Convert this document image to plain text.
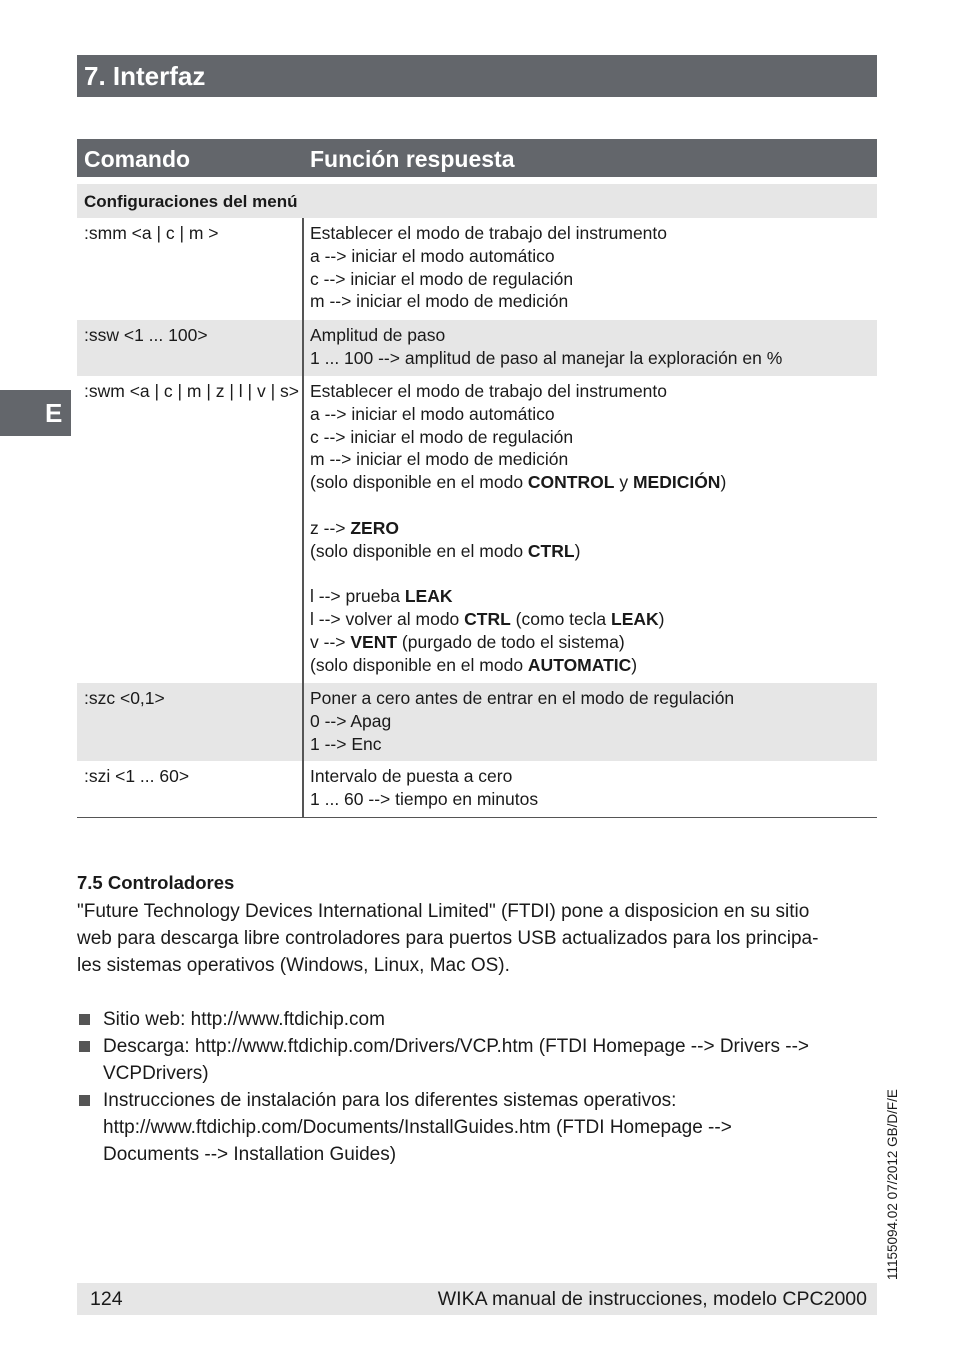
7. Interfaz
E
Comando	Función respuesta
Configuraciones del menú
:smm <a | c | m >	Establecer el modo de trabajo del instrumento
a --> iniciar el modo automático
c --> iniciar el modo de regulación
m --> iniciar el modo de medición
:ssw <1 ... 100>	Amplitud de paso
1 ... 100 --> amplitud de paso al manejar la exploración en %
:swm <a | c | m | z | l | v | s> Establecer el modo de trabajo del instrumento
a --> iniciar el modo automático
c --> iniciar el modo de regulación
m --> iniciar el modo de medición
(solo disponible en el modo CONTROL y MEDICIÓN)
z --> ZERO
(solo disponible en el modo CTRL)
l --> prueba LEAK
l --> volver al modo CTRL (como tecla LEAK)
v --> VENT (purgado de todo el sistema)
(solo disponible en el modo AUTOMATIC)
:szc <0,1>	Poner a cero antes de entrar en el modo de regulación
0 --> Apag
1 --> Enc
:szi <1 ... 60>	Intervalo de puesta a cero
1 ... 60 --> tiempo en minutos
7.5 Controladores
"Future Technology Devices International Limited" (FTDI) pone a disposicion en su sitio
web para descarga libre controladores para puertos USB actualizados para los principa-
les sistemas operativos (Windows, Linux, Mac OS).
Sitio web: http://www.ftdichip.com
Descarga: http://www.ftdichip.com/Drivers/VCP.htm (FTDI Homepage --> Drivers -->
VCPDrivers)
Instrucciones de instalación para los diferentes sistemas operativos:
http://www.ftdichip.com/Documents/InstallGuides.htm (FTDI Homepage -->
Documents --> Installation Guides)	11155094.02 07/2012 GB/D/F/E
124	WIKA manual de instrucciones, modelo CPC2000
